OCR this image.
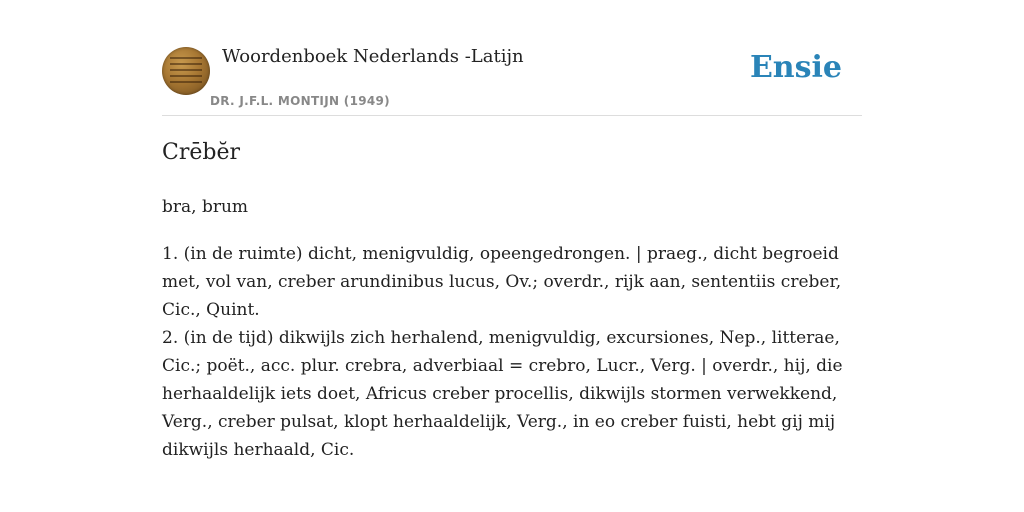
Woordenboek Nederlands -Latijn
DR. J.F.L. MONTIJN (1949)
Ensie
Crēbĕr

bra, brum

1. (in de ruimte) dicht, menigvuldig, opeengedrongen. | praeg., dicht begroeid met, vol van, creber arundinibus lucus, Ov.; overdr., rijk aan, sententiis creber, Cic., Quint.

2. (in de tijd) dikwijls zich herhalend, menigvuldig, excursiones, Nep., litterae, Cic.; poët., acc. plur. crebra, adverbiaal = crebro, Lucr., Verg. | overdr., hij, die herhaaldelijk iets doet, Africus creber procellis, dikwijls stormen verwekkend, Verg., creber pulsat, klopt herhaaldelijk, Verg., in eo creber fuisti, hebt gij mij dikwijls herhaald, Cic.
